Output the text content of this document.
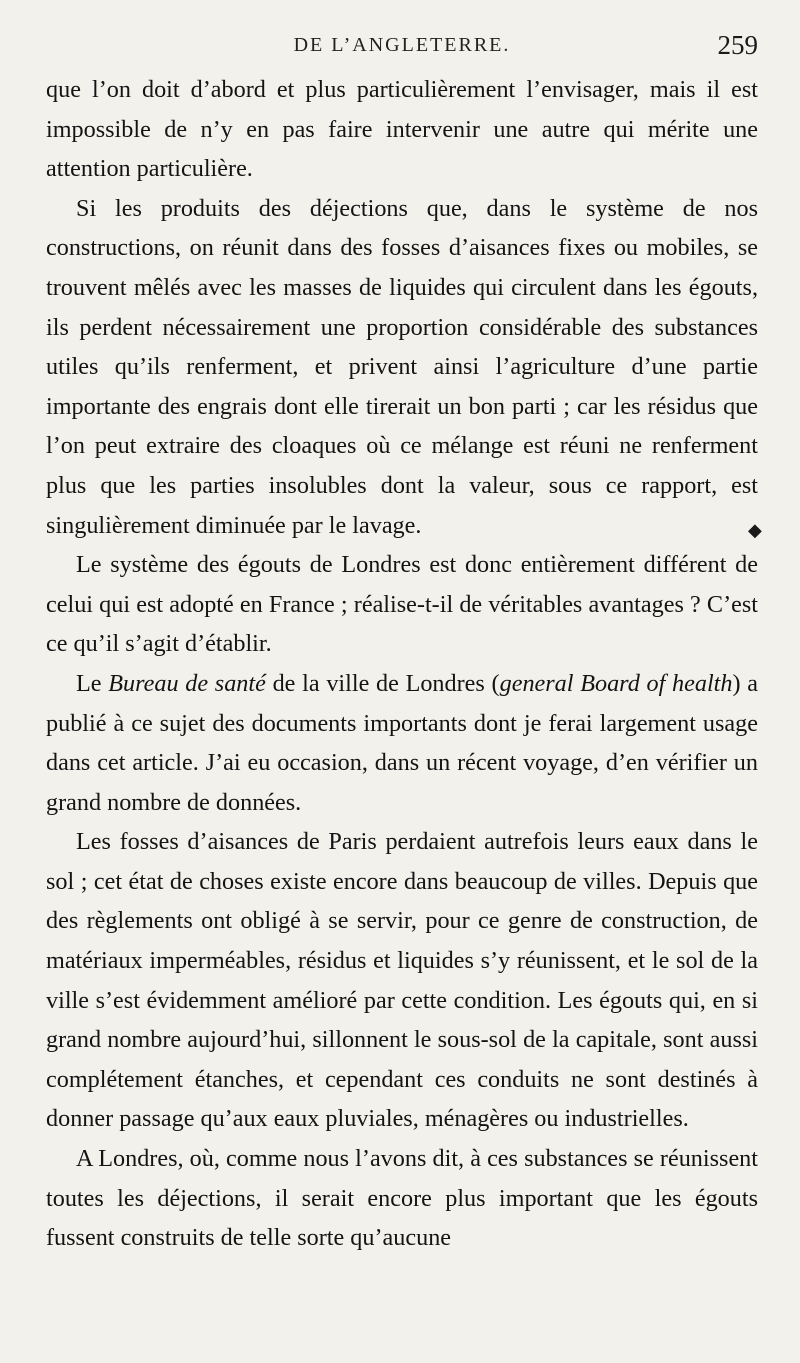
DE L’ANGLETERRE.	259

que l’on doit d’abord et plus particulièrement l’envisager, mais il est impossible de n’y en pas faire intervenir une autre qui mérite une attention particulière.

Si les produits des déjections que, dans le système de nos constructions, on réunit dans des fosses d’aisances fixes ou mobiles, se trouvent mêlés avec les masses de liquides qui circulent dans les égouts, ils perdent nécessairement une proportion considérable des substances utiles qu’ils renferment, et privent ainsi l’agriculture d’une partie importante des engrais dont elle tirerait un bon parti ; car les résidus que l’on peut extraire des cloaques où ce mélange est réuni ne renferment plus que les parties insolubles dont la valeur, sous ce rapport, est singulièrement diminuée par le lavage.

Le système des égouts de Londres est donc entièrement différent de celui qui est adopté en France ; réalise-t-il de véritables avantages ? C’est ce qu’il s’agit d’établir.

Le Bureau de santé de la ville de Londres (general Board of health) a publié à ce sujet des documents importants dont je ferai largement usage dans cet article. J’ai eu occasion, dans un récent voyage, d’en vérifier un grand nombre de données.

Les fosses d’aisances de Paris perdaient autrefois leurs eaux dans le sol ; cet état de choses existe encore dans beaucoup de villes. Depuis que des règlements ont obligé à se servir, pour ce genre de construction, de matériaux imperméables, résidus et liquides s’y réunissent, et le sol de la ville s’est évidemment amélioré par cette condition. Les égouts qui, en si grand nombre aujourd’hui, sillonnent le sous-sol de la capitale, sont aussi complétement étanches, et cependant ces conduits ne sont destinés à donner passage qu’aux eaux pluviales, ménagères ou industrielles.

A Londres, où, comme nous l’avons dit, à ces substances se réunissent toutes les déjections, il serait encore plus important que les égouts fussent construits de telle sorte qu’aucune

◆
